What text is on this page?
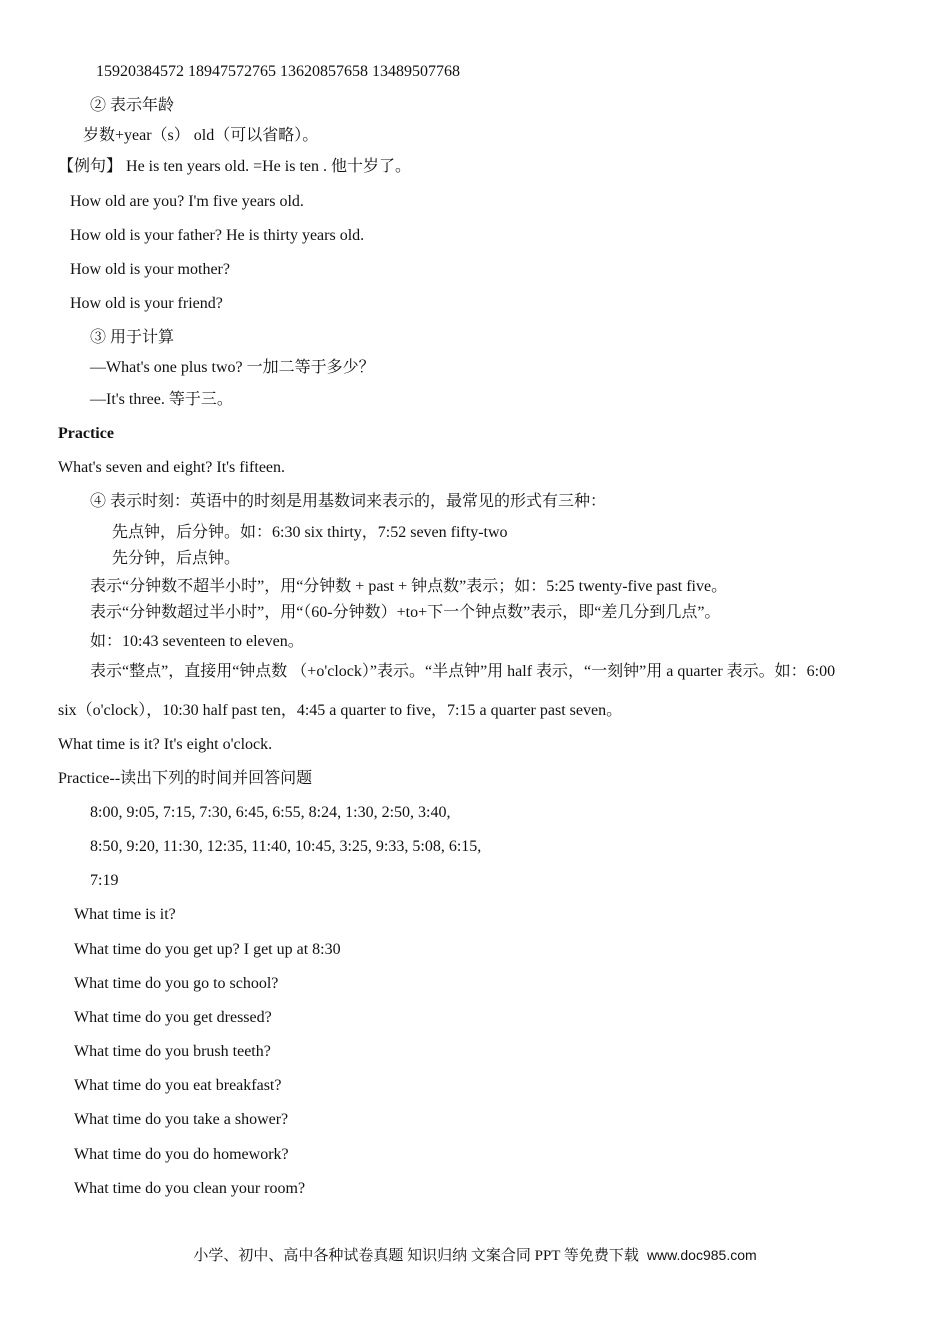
15920384572 18947572765 13620857658 13489507768
② 表示年龄
岁数+year（s） old（可以省略）。
【例句】 He is ten years old. =He is ten . 他十岁了。
How old are you? I'm five years old.
How old is your father? He is thirty years old.
How old is your mother?
How old is your friend?
③ 用于计算
—What's one plus two? 一加二等于多少？
—It's three. 等于三。
Practice
What's seven and eight? It's fifteen.
④ 表示时刻：英语中的时刻是用基数词来表示的，最常见的形式有三种：
先点钟，后分钟。如：6:30 six thirty，7:52 seven fifty-two
先分钟，后点钟。
表示“分钟数不超半小时”，用“分钟数 + past + 钟点数”表示；如：5:25 twenty-five past five。
表示“分钟数超过半小时”，用“（60-分钟数）+to+下一个钟点数”表示，即“差几分到几点”。
如：10:43 seventeen to eleven。
表示“整点”，直接用“钟点数 （+o'clock）”表示。“半点钟”用 half 表示，“一刻钟”用 a quarter 表示。如：6:00
six（o'clock），10:30 half past ten，4:45 a quarter to five，7:15 a quarter past seven。
What time is it? It's eight o'clock.
Practice--读出下列的时间并回答问题
8:00, 9:05, 7:15, 7:30, 6:45, 6:55, 8:24, 1:30, 2:50, 3:40,
8:50, 9:20, 11:30, 12:35, 11:40, 10:45, 3:25, 9:33, 5:08, 6:15,
7:19
What time is it?
What time do you get up? I get up at 8:30
What time do you go to school?
What time do you get dressed?
What time do you brush teeth?
What time do you eat breakfast?
What time do you take a shower?
What time do you do homework?
What time do you clean your room?
小学、初中、高中各种试卷真题 知识归纳 文案合同 PPT 等免费下载 www.doc985.com
